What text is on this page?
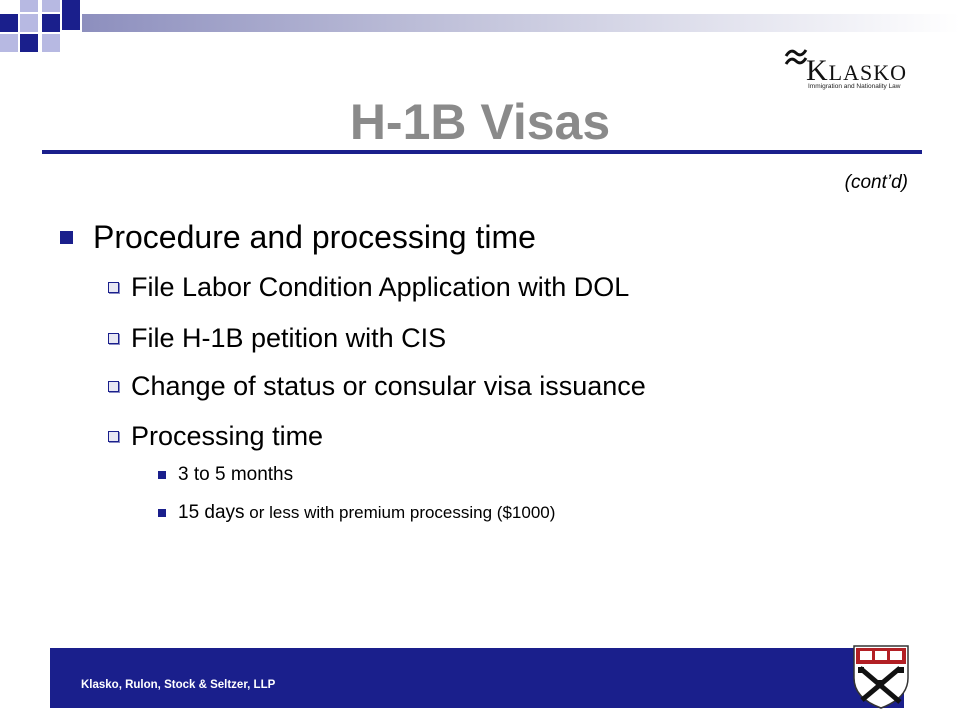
KLASKO
Immigration and Nationality Law
H-1B Visas
(cont’d)
Procedure and processing time
File Labor Condition Application with DOL
File H-1B petition with CIS
Change of status or consular visa issuance
Processing time
3 to 5 months
15 days or less with premium processing ($1000)
Klasko, Rulon, Stock & Seltzer, LLP
